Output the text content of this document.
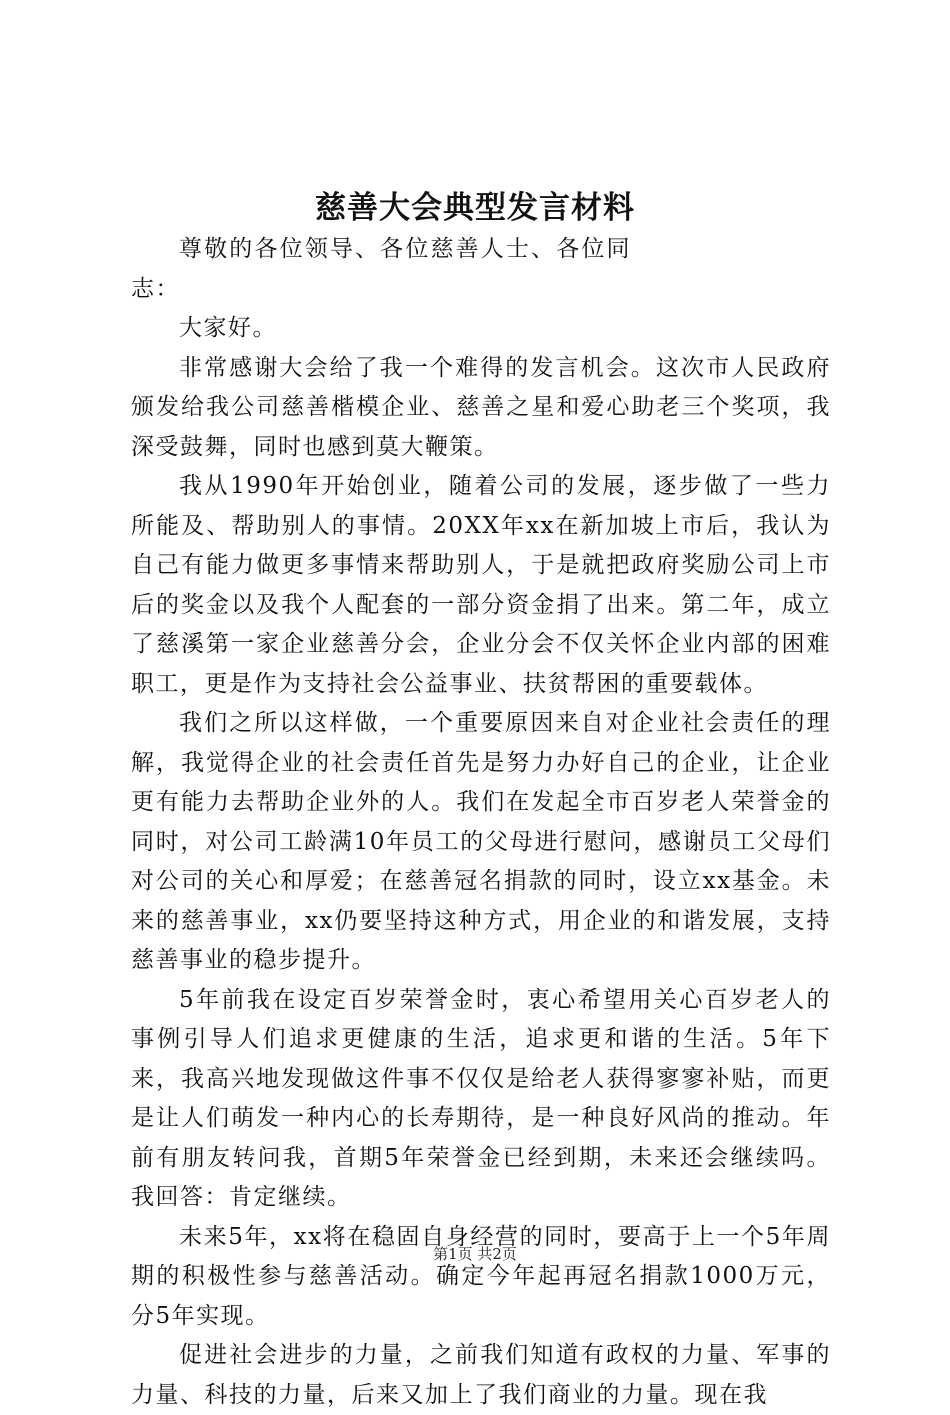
慈善大会典型发言材料

尊敬的各位领导、各位慈善人士、各位同志：

大家好。

非常感谢大会给了我一个难得的发言机会。这次市人民政府颁发给我公司慈善楷模企业、慈善之星和爱心助老三个奖项，我深受鼓舞，同时也感到莫大鞭策。

我从1990年开始创业，随着公司的发展，逐步做了一些力所能及、帮助别人的事情。20XX年xx在新加坡上市后，我认为自己有能力做更多事情来帮助别人，于是就把政府奖励公司上市后的奖金以及我个人配套的一部分资金捐了出来。第二年，成立了慈溪第一家企业慈善分会，企业分会不仅关怀企业内部的困难职工，更是作为支持社会公益事业、扶贫帮困的重要载体。

我们之所以这样做，一个重要原因来自对企业社会责任的理解，我觉得企业的社会责任首先是努力办好自己的企业，让企业更有能力去帮助企业外的人。我们在发起全市百岁老人荣誉金的同时，对公司工龄满10年员工的父母进行慰问，感谢员工父母们对公司的关心和厚爱；在慈善冠名捐款的同时，设立xx基金。未来的慈善事业，xx仍要坚持这种方式，用企业的和谐发展，支持慈善事业的稳步提升。

5年前我在设定百岁荣誉金时，衷心希望用关心百岁老人的事例引导人们追求更健康的生活，追求更和谐的生活。5年下来，我高兴地发现做这件事不仅仅是给老人获得寥寥补贴，而更是让人们萌发一种内心的长寿期待，是一种良好风尚的推动。年前有朋友转问我，首期5年荣誉金已经到期，未来还会继续吗。我回答：肯定继续。

未来5年，xx将在稳固自身经营的同时，要高于上一个5年周期的积极性参与慈善活动。确定今年起再冠名捐款1000万元，分5年实现。

促进社会进步的力量，之前我们知道有政权的力量、军事的力量、科技的力量，后来又加上了我们商业的力量。现在我

第1页 共2页
